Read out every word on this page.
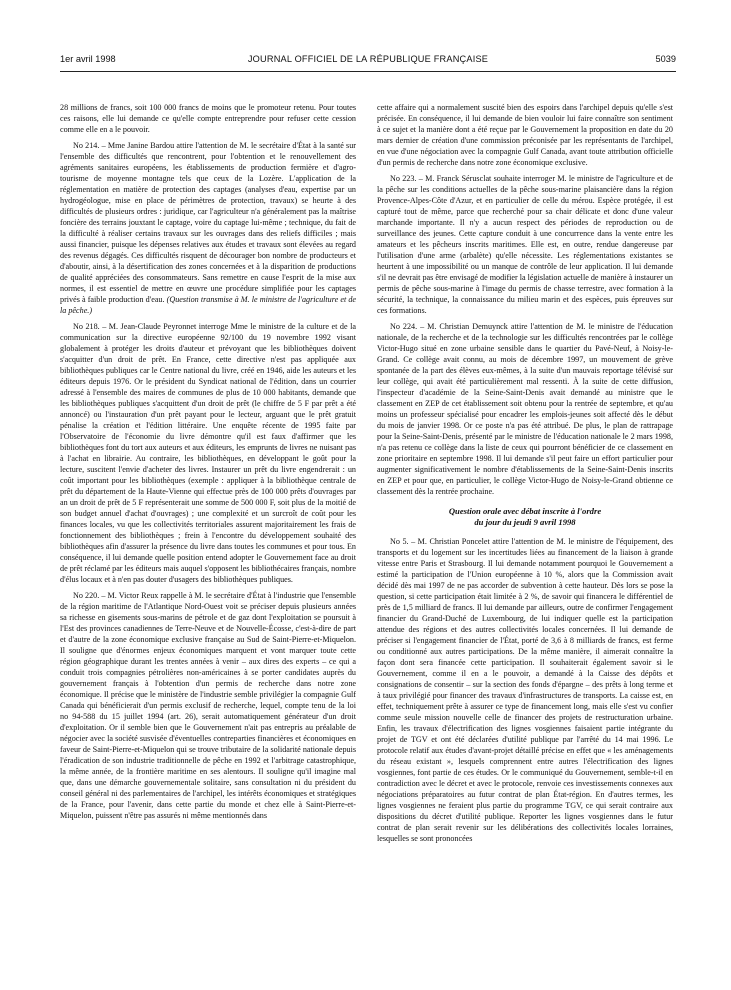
1er avril 1998	JOURNAL OFFICIEL DE LA RÉPUBLIQUE FRANÇAISE	5039

28 millions de francs, soit 100 000 francs de moins que le promoteur retenu. Pour toutes ces raisons, elle lui demande ce qu'elle compte entreprendre pour refuser cette cession comme elle en a le pouvoir.

No 214. – Mme Janine Bardou attire l'attention de M. le secrétaire d'État à la santé sur l'ensemble des difficultés que rencontrent, pour l'obtention et le renouvellement des agréments sanitaires européens, les établissements de production fermière et d'agro-tourisme de moyenne montagne tels que ceux de la Lozère. L'application de la réglementation en matière de protection des captages (analyses d'eau, expertise par un hydrogéologue, mise en place de périmètres de protection, travaux) se heurte à des difficultés de plusieurs ordres : juridique, car l'agriculteur n'a généralement pas la maîtrise foncière des terrains jouxtant le captage, voire du captage lui-même ; technique, du fait de la difficulté à réaliser certains travaux sur les ouvrages dans des reliefs difficiles ; mais aussi financier, puisque les dépenses relatives aux études et travaux sont élevées au regard des revenus dégagés. Ces difficultés risquent de décourager bon nombre de producteurs et d'aboutir, ainsi, à la désertification des zones concernées et à la disparition de productions de qualité appréciées des consommateurs. Sans remettre en cause l'esprit de la mise aux normes, il est essentiel de mettre en œuvre une procédure simplifiée pour les captages privés à faible production d'eau. (Question transmise à M. le ministre de l'agriculture et de la pêche.)

No 218. – M. Jean-Claude Peyronnet interroge Mme le ministre de la culture et de la communication sur la directive européenne 92/100 du 19 novembre 1992 visant globalement à protéger les droits d'auteur et prévoyant que les bibliothèques doivent s'acquitter d'un droit de prêt. En France, cette directive n'est pas appliquée aux bibliothèques publiques car le Centre national du livre, créé en 1946, aide les auteurs et les éditeurs depuis 1976. Or le président du Syndicat national de l'édition, dans un courrier adressé à l'ensemble des maires de communes de plus de 10 000 habitants, demande que les bibliothèques publiques s'acquittent d'un droit de prêt (le chiffre de 5 F par prêt a été annoncé) ou l'instauration d'un prêt payant pour le lecteur, arguant que le prêt gratuit pénalise la création et l'édition littéraire. Une enquête récente de 1995 faite par l'Observatoire de l'économie du livre démontre qu'il est faux d'affirmer que les bibliothèques font du tort aux auteurs et aux éditeurs, les emprunts de livres ne nuisant pas à l'achat en librairie. Au contraire, les bibliothèques, en développant le goût pour la lecture, suscitent l'envie d'acheter des livres. Instaurer un prêt du livre engendrerait : un coût important pour les bibliothèques (exemple : appliquer à la bibliothèque centrale de prêt du département de la Haute-Vienne qui effectue près de 100 000 prêts d'ouvrages par an un droit de prêt de 5 F représenterait une somme de 500 000 F, soit plus de la moitié de son budget annuel d'achat d'ouvrages) ; une complexité et un surcroît de coût pour les finances locales, vu que les collectivités territoriales assurent majoritairement les frais de fonctionnement des bibliothèques ; frein à l'encontre du développement souhaité des bibliothèques afin d'assurer la présence du livre dans toutes les communes et pour tous. En conséquence, il lui demande quelle position entend adopter le Gouvernement face au droit de prêt réclamé par les éditeurs mais auquel s'opposent les bibliothécaires français, nombre d'élus locaux et à n'en pas douter d'usagers des bibliothèques publiques.

No 220. – M. Victor Reux rappelle à M. le secrétaire d'État à l'industrie que l'ensemble de la région maritime de l'Atlantique Nord-Ouest voit se préciser depuis plusieurs années sa richesse en gisements sous-marins de pétrole et de gaz dont l'exploitation se poursuit à l'Est des provinces canadiennes de Terre-Neuve et de Nouvelle-Écosse, c'est-à-dire de part et d'autre de la zone économique exclusive française au Sud de Saint-Pierre-et-Miquelon. Il souligne que d'énormes enjeux économiques marquent et vont marquer toute cette région géographique durant les trentes années à venir – aux dires des experts – ce qui a conduit trois compagnies pétrolières non-américaines à se porter candidates auprès du gouvernement français à l'obtention d'un permis de recherche dans notre zone économique. Il précise que le ministère de l'industrie semble privilégier la compagnie Gulf Canada qui bénéficierait d'un permis exclusif de recherche, lequel, compte tenu de la loi no 94-588 du 15 juillet 1994 (art. 26), serait automatiquement générateur d'un droit d'exploitation. Or il semble bien que le Gouvernement n'ait pas entrepris au préalable de négocier avec la société susvisée d'éventuelles contreparties financières et économiques en faveur de Saint-Pierre-et-Miquelon qui se trouve tributaire de la solidarité nationale depuis l'éradication de son industrie traditionnelle de pêche en 1992 et l'arbitrage catastrophique, la même année, de la frontière maritime en ses alentours. Il souligne qu'il imagine mal que, dans une démarche gouvernementale solitaire, sans consultation ni du président du conseil général ni des parlementaires de l'archipel, les intérêts économiques et stratégiques de la France, pour l'avenir, dans cette partie du monde et chez elle à Saint-Pierre-et-Miquelon, puissent n'être pas assurés ni même mentionnés dans

cette affaire qui a normalement suscité bien des espoirs dans l'archipel depuis qu'elle s'est précisée. En conséquence, il lui demande de bien vouloir lui faire connaître son sentiment à ce sujet et la manière dont a été reçue par le Gouvernement la proposition en date du 20 mars dernier de création d'une commission préconisée par les représentants de l'archipel, en vue d'une négociation avec la compagnie Gulf Canada, avant toute attribution officielle d'un permis de recherche dans notre zone économique exclusive.

No 223. – M. Franck Sérusclat souhaite interroger M. le ministre de l'agriculture et de la pêche sur les conditions actuelles de la pêche sous-marine plaisancière dans la région Provence-Alpes-Côte d'Azur, et en particulier de celle du mérou. Espèce protégée, il est capturé tout de même, parce que recherché pour sa chair délicate et donc d'une valeur marchande importante. Il n'y a aucun respect des périodes de reproduction ou de surveillance des jeunes. Cette capture conduit à une concurrence dans la vente entre les amateurs et les pêcheurs inscrits maritimes. Elle est, en outre, rendue dangereuse par l'utilisation d'une arme (arbalète) qu'elle nécessite. Les réglementations existantes se heurtent à une impossibilité ou un manque de contrôle de leur application. Il lui demande s'il ne devrait pas être envisagé de modifier la législation actuelle de manière à instaurer un permis de pêche sous-marine à l'image du permis de chasse terrestre, avec formation à la sécurité, la technique, la connaissance du milieu marin et des espèces, puis épreuves sur ces formations.

No 224. – M. Christian Demuynck attire l'attention de M. le ministre de l'éducation nationale, de la recherche et de la technologie sur les difficultés rencontrées par le collège Victor-Hugo situé en zone urbaine sensible dans le quartier du Pavé-Neuf, à Noisy-le-Grand. Ce collège avait connu, au mois de décembre 1997, un mouvement de grève spontanée de la part des élèves eux-mêmes, à la suite d'un mauvais reportage télévisé sur leur collège, qui avait été particulièrement mal ressenti. À la suite de cette diffusion, l'inspecteur d'académie de la Seine-Saint-Denis avait demandé au ministre que le classement en ZEP de cet établissement soit obtenu pour la rentrée de septembre, et qu'au moins un professeur spécialisé pour encadrer les emplois-jeunes soit affecté dès le début du mois de janvier 1998. Or ce poste n'a pas été attribué. De plus, le plan de rattrapage pour la Seine-Saint-Denis, présenté par le ministre de l'éducation nationale le 2 mars 1998, n'a pas retenu ce collège dans la liste de ceux qui pourront bénéficier de ce classement en zone prioritaire en septembre 1998. Il lui demande s'il peut faire un effort particulier pour augmenter significativement le nombre d'établissements de la Seine-Saint-Denis inscrits en ZEP et pour que, en particulier, le collège Victor-Hugo de Noisy-le-Grand obtienne ce classement dès la rentrée prochaine.

Question orale avec débat inscrite à l'ordre
du jour du jeudi 9 avril 1998

No 5. – M. Christian Poncelet attire l'attention de M. le ministre de l'équipement, des transports et du logement sur les incertitudes liées au financement de la liaison à grande vitesse entre Paris et Strasbourg. Il lui demande notamment pourquoi le Gouvernement a estimé la participation de l'Union européenne à 10 %, alors que la Commission avait décidé dès mai 1997 de ne pas accorder de subvention à cette hauteur. Dès lors se pose la question, si cette participation était limitée à 2 %, de savoir qui financera le différentiel de près de 1,5 milliard de francs. Il lui demande par ailleurs, outre de confirmer l'engagement financier du Grand-Duché de Luxembourg, de lui indiquer quelle est la participation attendue des régions et des autres collectivités locales concernées. Il lui demande de préciser si l'engagement financier de l'État, porté de 3,6 à 8 milliards de francs, est ferme ou conditionné aux autres participations. De la même manière, il aimerait connaître la façon dont sera financée cette participation. Il souhaiterait également savoir si le Gouvernement, comme il en a le pouvoir, a demandé à la Caisse des dépôts et consignations de consentir – sur la section des fonds d'épargne – des prêts à long terme et à taux privilégié pour financer des travaux d'infrastructures de transports. La caisse est, en effet, techniquement prête à assurer ce type de financement long, mais elle s'est vu confier comme seule mission nouvelle celle de financer des projets de restructuration urbaine. Enfin, les travaux d'électrification des lignes vosgiennes faisaient partie intégrante du projet de TGV et ont été déclarées d'utilité publique par l'arrêté du 14 mai 1996. Le protocole relatif aux études d'avant-projet détaillé précise en effet que « les aménagements du réseau existant », lesquels comprennent entre autres l'électrification des lignes vosgiennes, font partie de ces études. Or le communiqué du Gouvernement, semble-t-il en contradiction avec le décret et avec le protocole, renvoie ces investissements connexes aux négociations préparatoires au futur contrat de plan État-région. En d'autres termes, les lignes vosgiennes ne feraient plus partie du programme TGV, ce qui serait contraire aux dispositions du décret d'utilité publique. Reporter les lignes vosgiennes dans le futur contrat de plan serait revenir sur les délibérations des collectivités locales lorraines, lesquelles se sont prononcées
